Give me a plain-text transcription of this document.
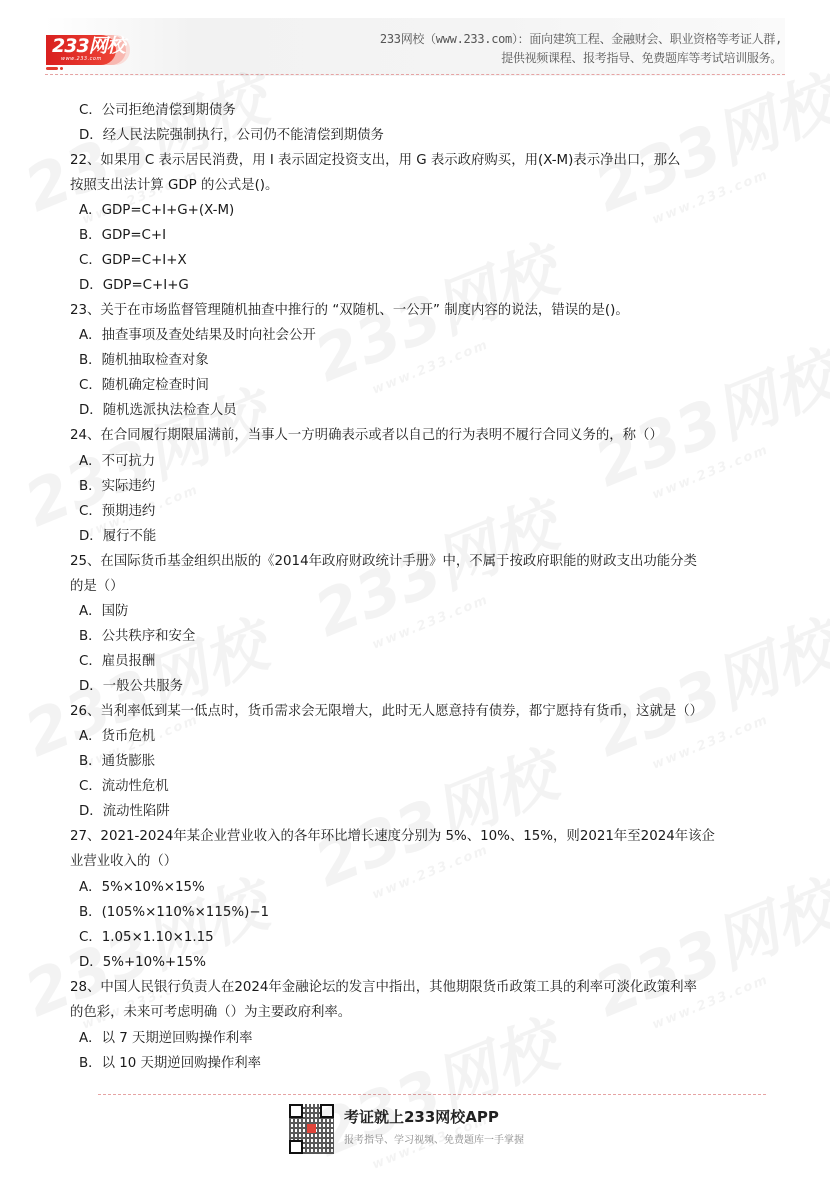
233网校
www.233.com
233网校（www.233.com）：面向建筑工程、金融财会、职业资格等考证人群,
提供视频课程、报考指导、免费题库等考试培训服务。
C．公司拒绝清偿到期债务
D．经人民法院强制执行，公司仍不能清偿到期债务
22、如果用 C 表示居民消费，用 I 表示固定投资支出，用 G 表示政府购买，用(X-M)表示净出口，那么
按照支出法计算 GDP 的公式是()。
A．GDP=C+I+G+(X-M)
B．GDP=C+I
C．GDP=C+I+X
D．GDP=C+I+G
23、关于在市场监督管理随机抽查中推行的 “双随机、一公开” 制度内容的说法，错误的是()。
A．抽查事项及查处结果及时向社会公开
B．随机抽取检查对象
C．随机确定检查时间
D．随机选派执法检查人员
24、在合同履行期限届满前，当事人一方明确表示或者以自己的行为表明不履行合同义务的，称（）
A．不可抗力
B．实际违约
C．预期违约
D．履行不能
25、在国际货币基金组织出版的《2014年政府财政统计手册》中，不属于按政府职能的财政支出功能分类
的是（）
A．国防
B．公共秩序和安全
C．雇员报酬
D．一般公共服务
26、当利率低到某一低点时，货币需求会无限增大，此时无人愿意持有债券，都宁愿持有货币，这就是（）
A．货币危机
B．通货膨胀
C．流动性危机
D．流动性陷阱
27、2021-2024年某企业营业收入的各年环比增长速度分别为 5%、10%、15%，则2021年至2024年该企
业营业收入的（）
A．5%×10%×15%
B．(105%×110%×115%)−1
C．1.05×1.10×1.15
D．5%+10%+15%
28、中国人民银行负责人在2024年金融论坛的发言中指出，其他期限货币政策工具的利率可淡化政策利率
的色彩，未来可考虑明确（）为主要政府利率。
A．以 7 天期逆回购操作利率
B．以 10 天期逆回购操作利率
考证就上233网校APP
报考指导、学习视频、免费题库一手掌握
